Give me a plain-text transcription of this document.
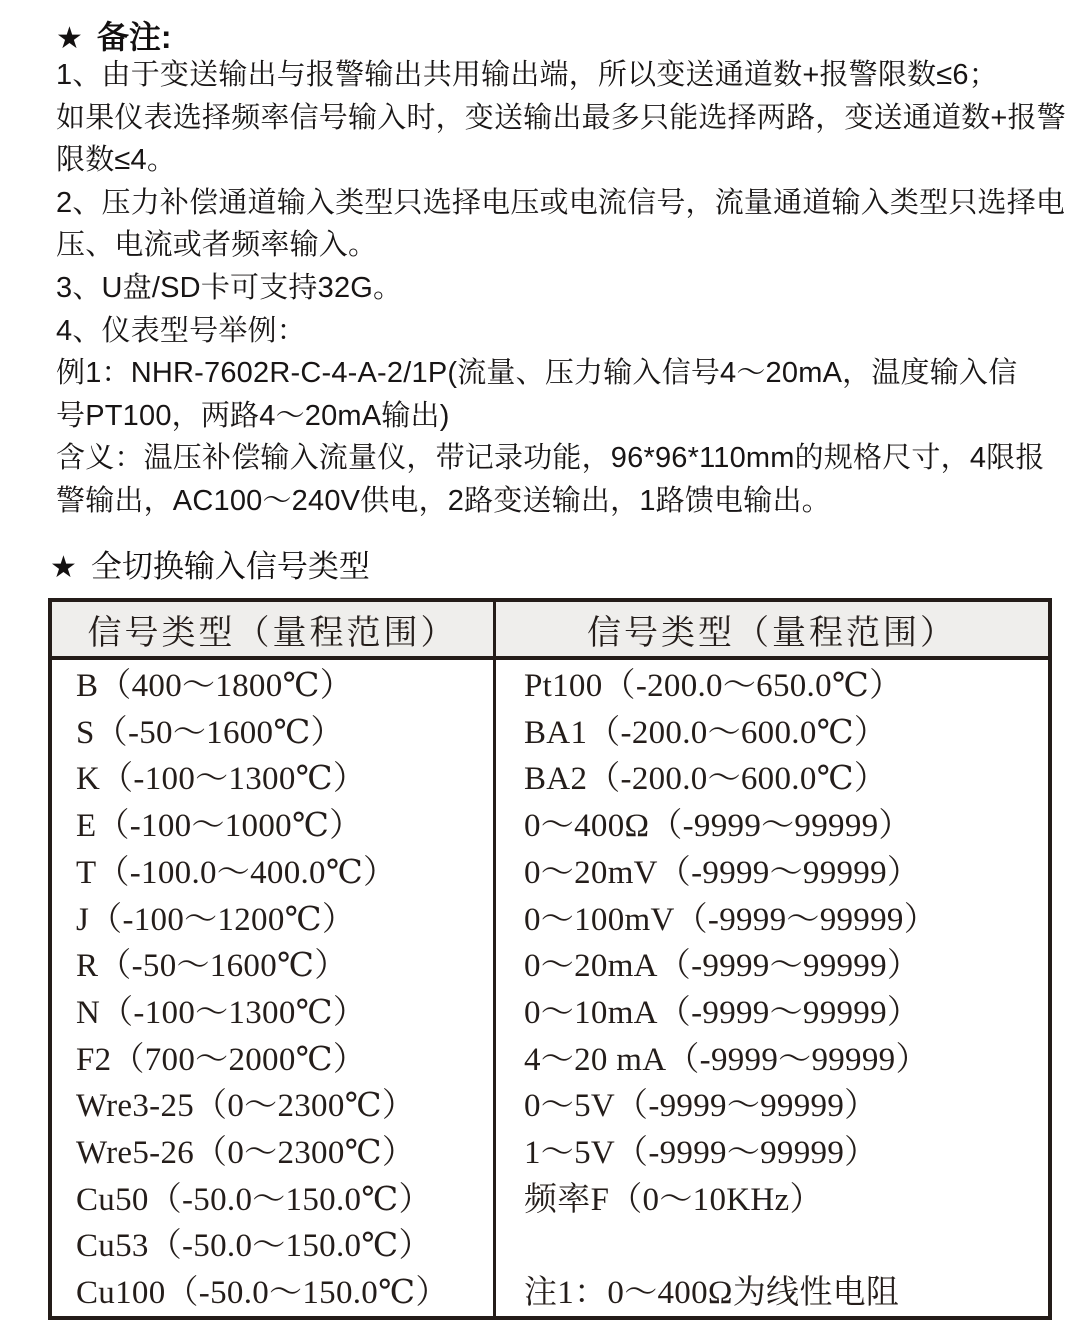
★ 备注:
1、由于变送输出与报警输出共用输出端，所以变送通道数+报警限数≤6；
如果仪表选择频率信号输入时，变送输出最多只能选择两路，变送通道数+报警
限数≤4。
2、压力补偿通道输入类型只选择电压或电流信号，流量通道输入类型只选择电
压、电流或者频率输入。
3、U盘/SD卡可支持32G。
4、仪表型号举例：
例1：NHR-7602R-C-4-A-2/1P(流量、压力输入信号4～20mA，温度输入信
号PT100，两路4～20mA输出)
含义：温压补偿输入流量仪，带记录功能，96*96*110mm的规格尺寸，4限报
警输出，AC100～240V供电，2路变送输出，1路馈电输出。
★ 全切换输入信号类型
信号类型（量程范围）	信号类型（量程范围）
B（400～1800℃）
S（-50～1600℃）
K（-100～1300℃）
E（-100～1000℃）
T（-100.0～400.0℃）
J（-100～1200℃）
R（-50～1600℃）
N（-100～1300℃）
F2（700～2000℃）
Wre3-25（0～2300℃）
Wre5-26（0～2300℃）
Cu50（-50.0～150.0℃）
Cu53（-50.0～150.0℃）
Cu100（-50.0～150.0℃）
Pt100（-200.0～650.0℃）
BA1（-200.0～600.0℃）
BA2（-200.0～600.0℃）
0～400Ω（-9999～99999）
0～20mV（-9999～99999）
0～100mV（-9999～99999）
0～20mA（-9999～99999）
0～10mA（-9999～99999）
4～20 mA（-9999～99999）
0～5V（-9999～99999）
1～5V（-9999～99999）
频率F（0～10KHz）
注1：0～400Ω为线性电阻
